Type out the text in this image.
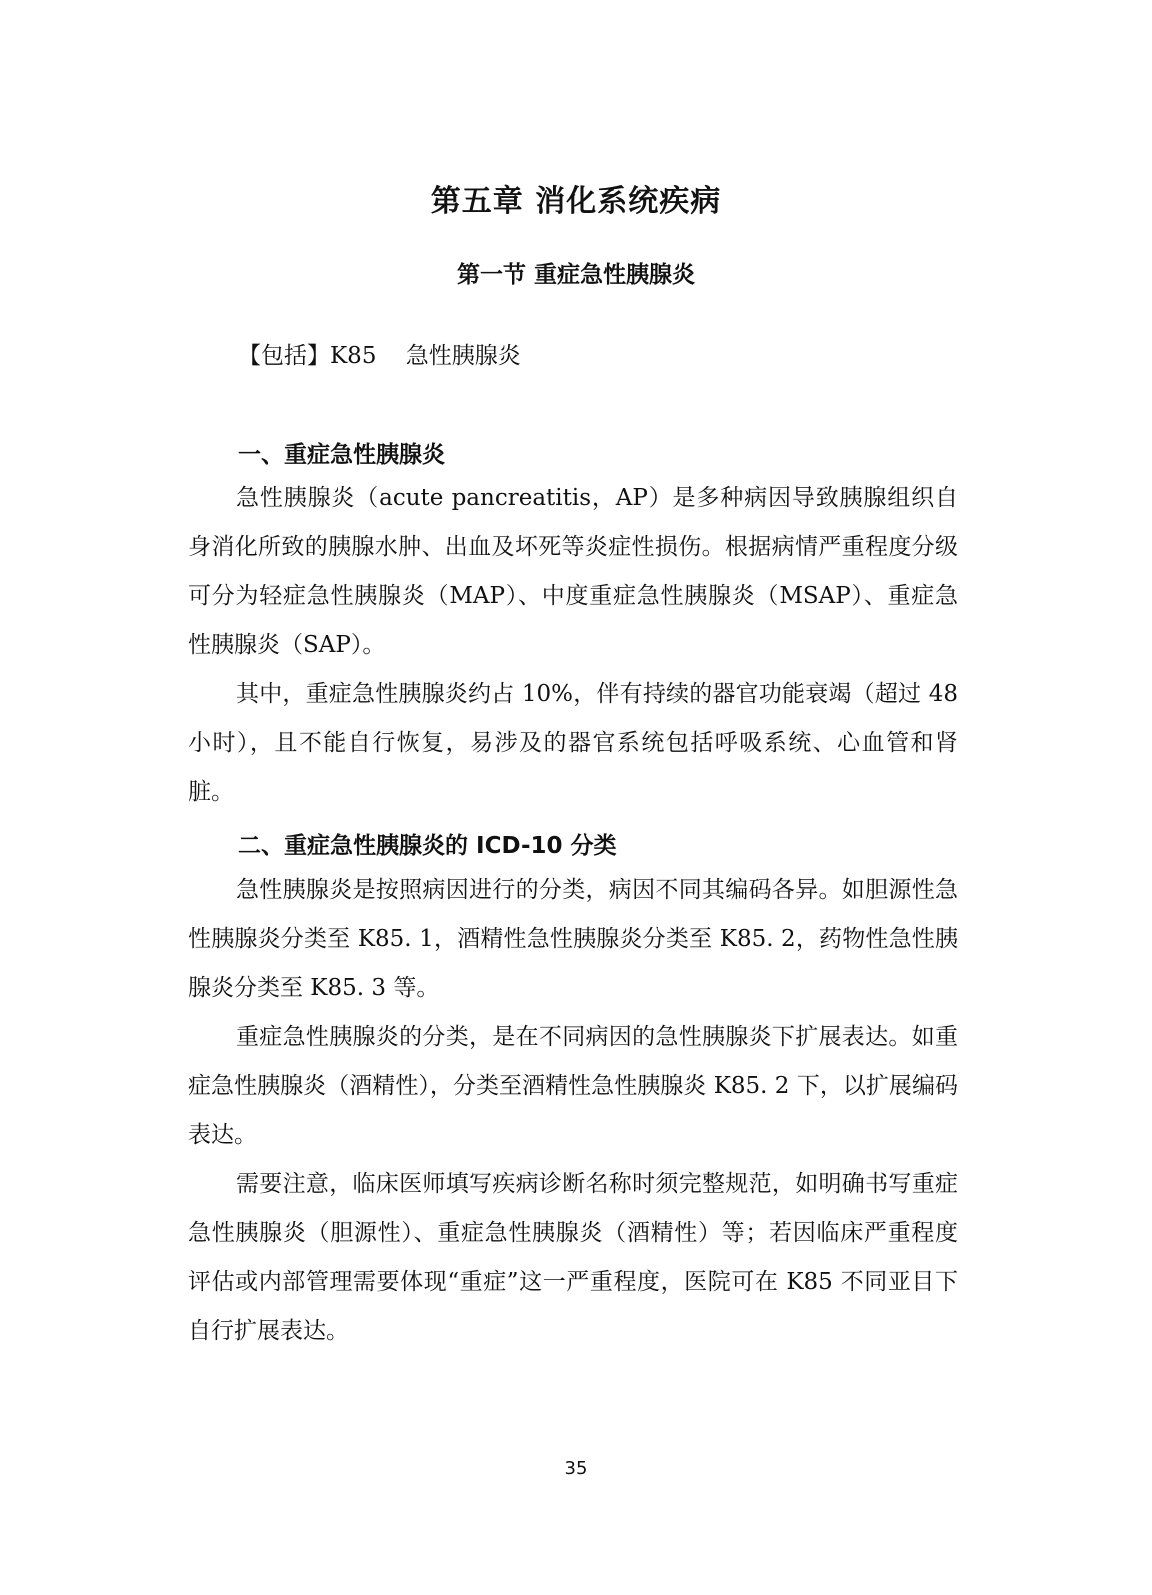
第五章 消化系统疾病
第一节 重症急性胰腺炎

【包括】K85    急性胰腺炎

一、重症急性胰腺炎

急性胰腺炎（acute pancreatitis，AP）是多种病因导致胰腺组织自身消化所致的胰腺水肿、出血及坏死等炎症性损伤。根据病情严重程度分级可分为轻症急性胰腺炎（MAP）、中度重症急性胰腺炎（MSAP）、重症急性胰腺炎（SAP）。

其中，重症急性胰腺炎约占 10%，伴有持续的器官功能衰竭（超过 48 小时），且不能自行恢复，易涉及的器官系统包括呼吸系统、心血管和肾脏。

二、重症急性胰腺炎的 ICD-10 分类

急性胰腺炎是按照病因进行的分类，病因不同其编码各异。如胆源性急性胰腺炎分类至 K85. 1，酒精性急性胰腺炎分类至 K85. 2，药物性急性胰腺炎分类至 K85. 3 等。

重症急性胰腺炎的分类，是在不同病因的急性胰腺炎下扩展表达。如重症急性胰腺炎（酒精性），分类至酒精性急性胰腺炎 K85. 2 下，以扩展编码表达。

需要注意，临床医师填写疾病诊断名称时须完整规范，如明确书写重症急性胰腺炎（胆源性）、重症急性胰腺炎（酒精性）等；若因临床严重程度评估或内部管理需要体现“重症”这一严重程度，医院可在 K85 不同亚目下自行扩展表达。

35
